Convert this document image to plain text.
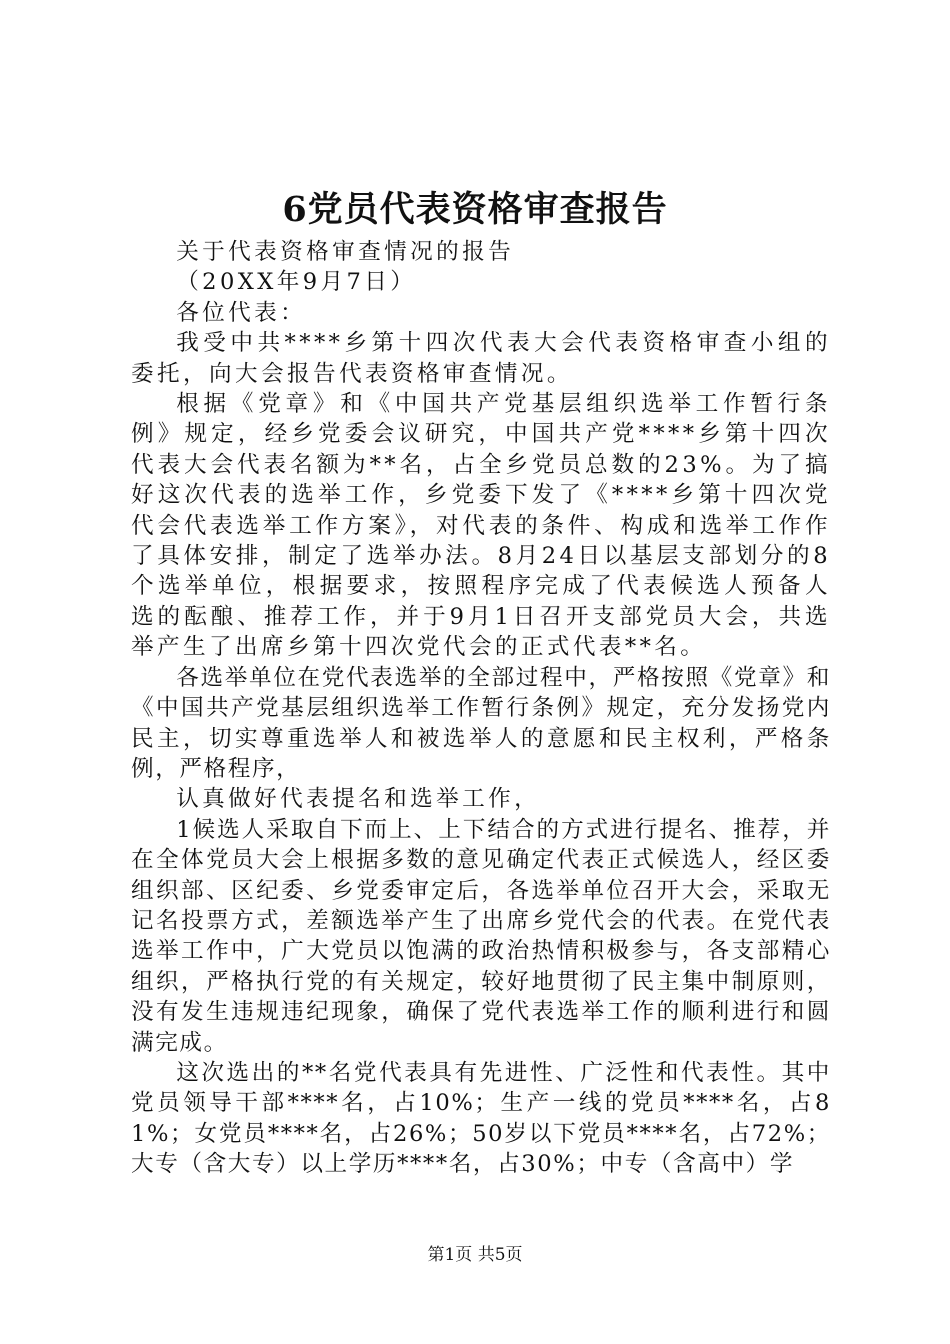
6党员代表资格审查报告

关于代表资格审查情况的报告

（20XX年9月7日）

各位代表：

我受中共****乡第十四次代表大会代表资格审查小组的委托，向大会报告代表资格审查情况。

根据《党章》和《中国共产党基层组织选举工作暂行条例》规定，经乡党委会议研究，中国共产党****乡第十四次代表大会代表名额为**名，占全乡党员总数的23%。为了搞好这次代表的选举工作，乡党委下发了《****乡第十四次党代会代表选举工作方案》，对代表的条件、构成和选举工作作了具体安排，制定了选举办法。8月24日以基层支部划分的8个选举单位，根据要求，按照程序完成了代表候选人预备人选的酝酿、推荐工作，并于9月1日召开支部党员大会，共选举产生了出席乡第十四次党代会的正式代表**名。

各选举单位在党代表选举的全部过程中，严格按照《党章》和《中国共产党基层组织选举工作暂行条例》规定，充分发扬党内民主，切实尊重选举人和被选举人的意愿和民主权利，严格条例，严格程序，

认真做好代表提名和选举工作，

1候选人采取自下而上、上下结合的方式进行提名、推荐，并在全体党员大会上根据多数的意见确定代表正式候选人，经区委组织部、区纪委、乡党委审定后，各选举单位召开大会，采取无记名投票方式，差额选举产生了出席乡党代会的代表。在党代表选举工作中，广大党员以饱满的政治热情积极参与，各支部精心组织，严格执行党的有关规定，较好地贯彻了民主集中制原则，没有发生违规违纪现象，确保了党代表选举工作的顺利进行和圆满完成。

这次选出的**名党代表具有先进性、广泛性和代表性。其中党员领导干部****名，占10%；生产一线的党员****名，占81%；女党员****名，占26%；50岁以下党员****名，占72%；大专（含大专）以上学历****名，占30%；中专（含高中）学

第1页 共5页
